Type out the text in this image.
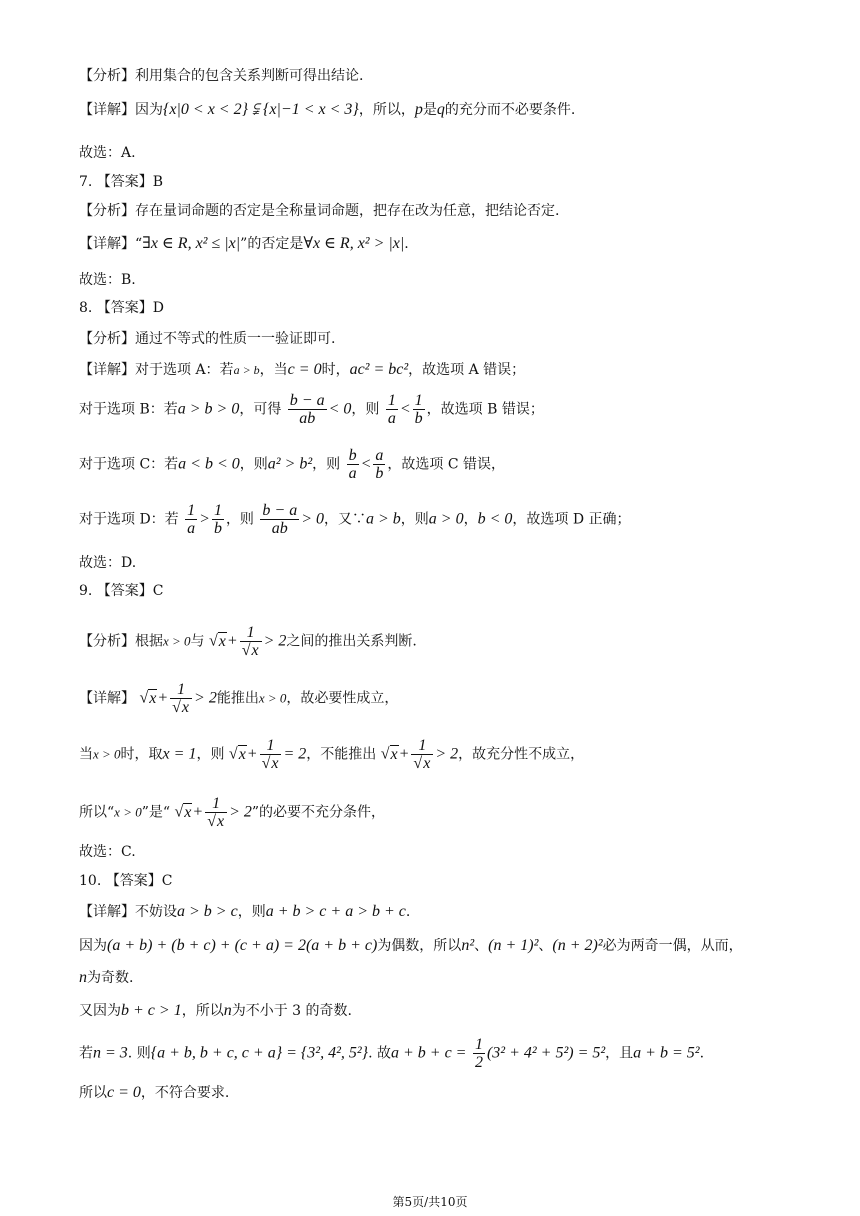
【分析】利用集合的包含关系判断可得出结论.
【详解】因为{x|0 < x < 2} ⫋ {x|−1 < x < 3}，所以，p是q的充分而不必要条件.
故选：A.
7. 【答案】B
【分析】存在量词命题的否定是全称量词命题，把存在改为任意，把结论否定.
【详解】“∃x ∈ R, x² ≤ |x|”的否定是∀x ∈ R, x² > |x|.
故选：B.
8. 【答案】D
【分析】通过不等式的性质一一验证即可.
【详解】对于选项 A：若a > b，当c = 0时，ac² = bc²，故选项 A 错误；
对于选项 B：若a > b > 0，可得 $\frac{b - a}{ab} < 0$，则 $\frac{1}{a} < \frac{1}{b}$ ，故选项 B 错误；
对于选项 C：若a < b < 0，则a² > b²，则 $\frac{b}{a} < \frac{a}{b}$ ，故选项 C 错误，
对于选项 D：若 $\frac{1}{a} > \frac{1}{b}$ ，则 $\frac{b - a}{ab} > 0$，又∵a > b，则a > 0，b < 0，故选项 D 正确；
故选：D.
9. 【答案】C
【分析】根据x > 0与 $√x+ \frac{1}{√x} > 2$之间的推出关系判断.
【详解】 $√x+ \frac{1}{√x} > 2$能推出x > 0，故必要性成立，
当x > 0时，取x = 1，则 $√x+ \frac{1}{√x} = 2$，不能推出 $√x+ \frac{1}{√x} > 2$，故充分性不成立，
所以“x > 0”是“ $√x+ \frac{1}{√x} > 2$”的必要不充分条件，
故选：C.
10. 【答案】C
【详解】不妨设a > b > c，则a + b > c + a > b + c.
因为(a + b) + (b + c) + (c + a) = 2(a + b + c)为偶数，所以n²、(n + 1)²、(n + 2)²必为两奇一偶，从而，
n为奇数.
又因为b + c > 1，所以n为不小于 3 的奇数.
若n = 3. 则{a + b, b + c, c + a} = {3², 4², 5²}. 故$a + b + c = \frac{1}{2} (3^2 + 4^2 + 5^2) = 5^2$，且a + b = 5².
所以c = 0，不符合要求.
第5页/共10页
